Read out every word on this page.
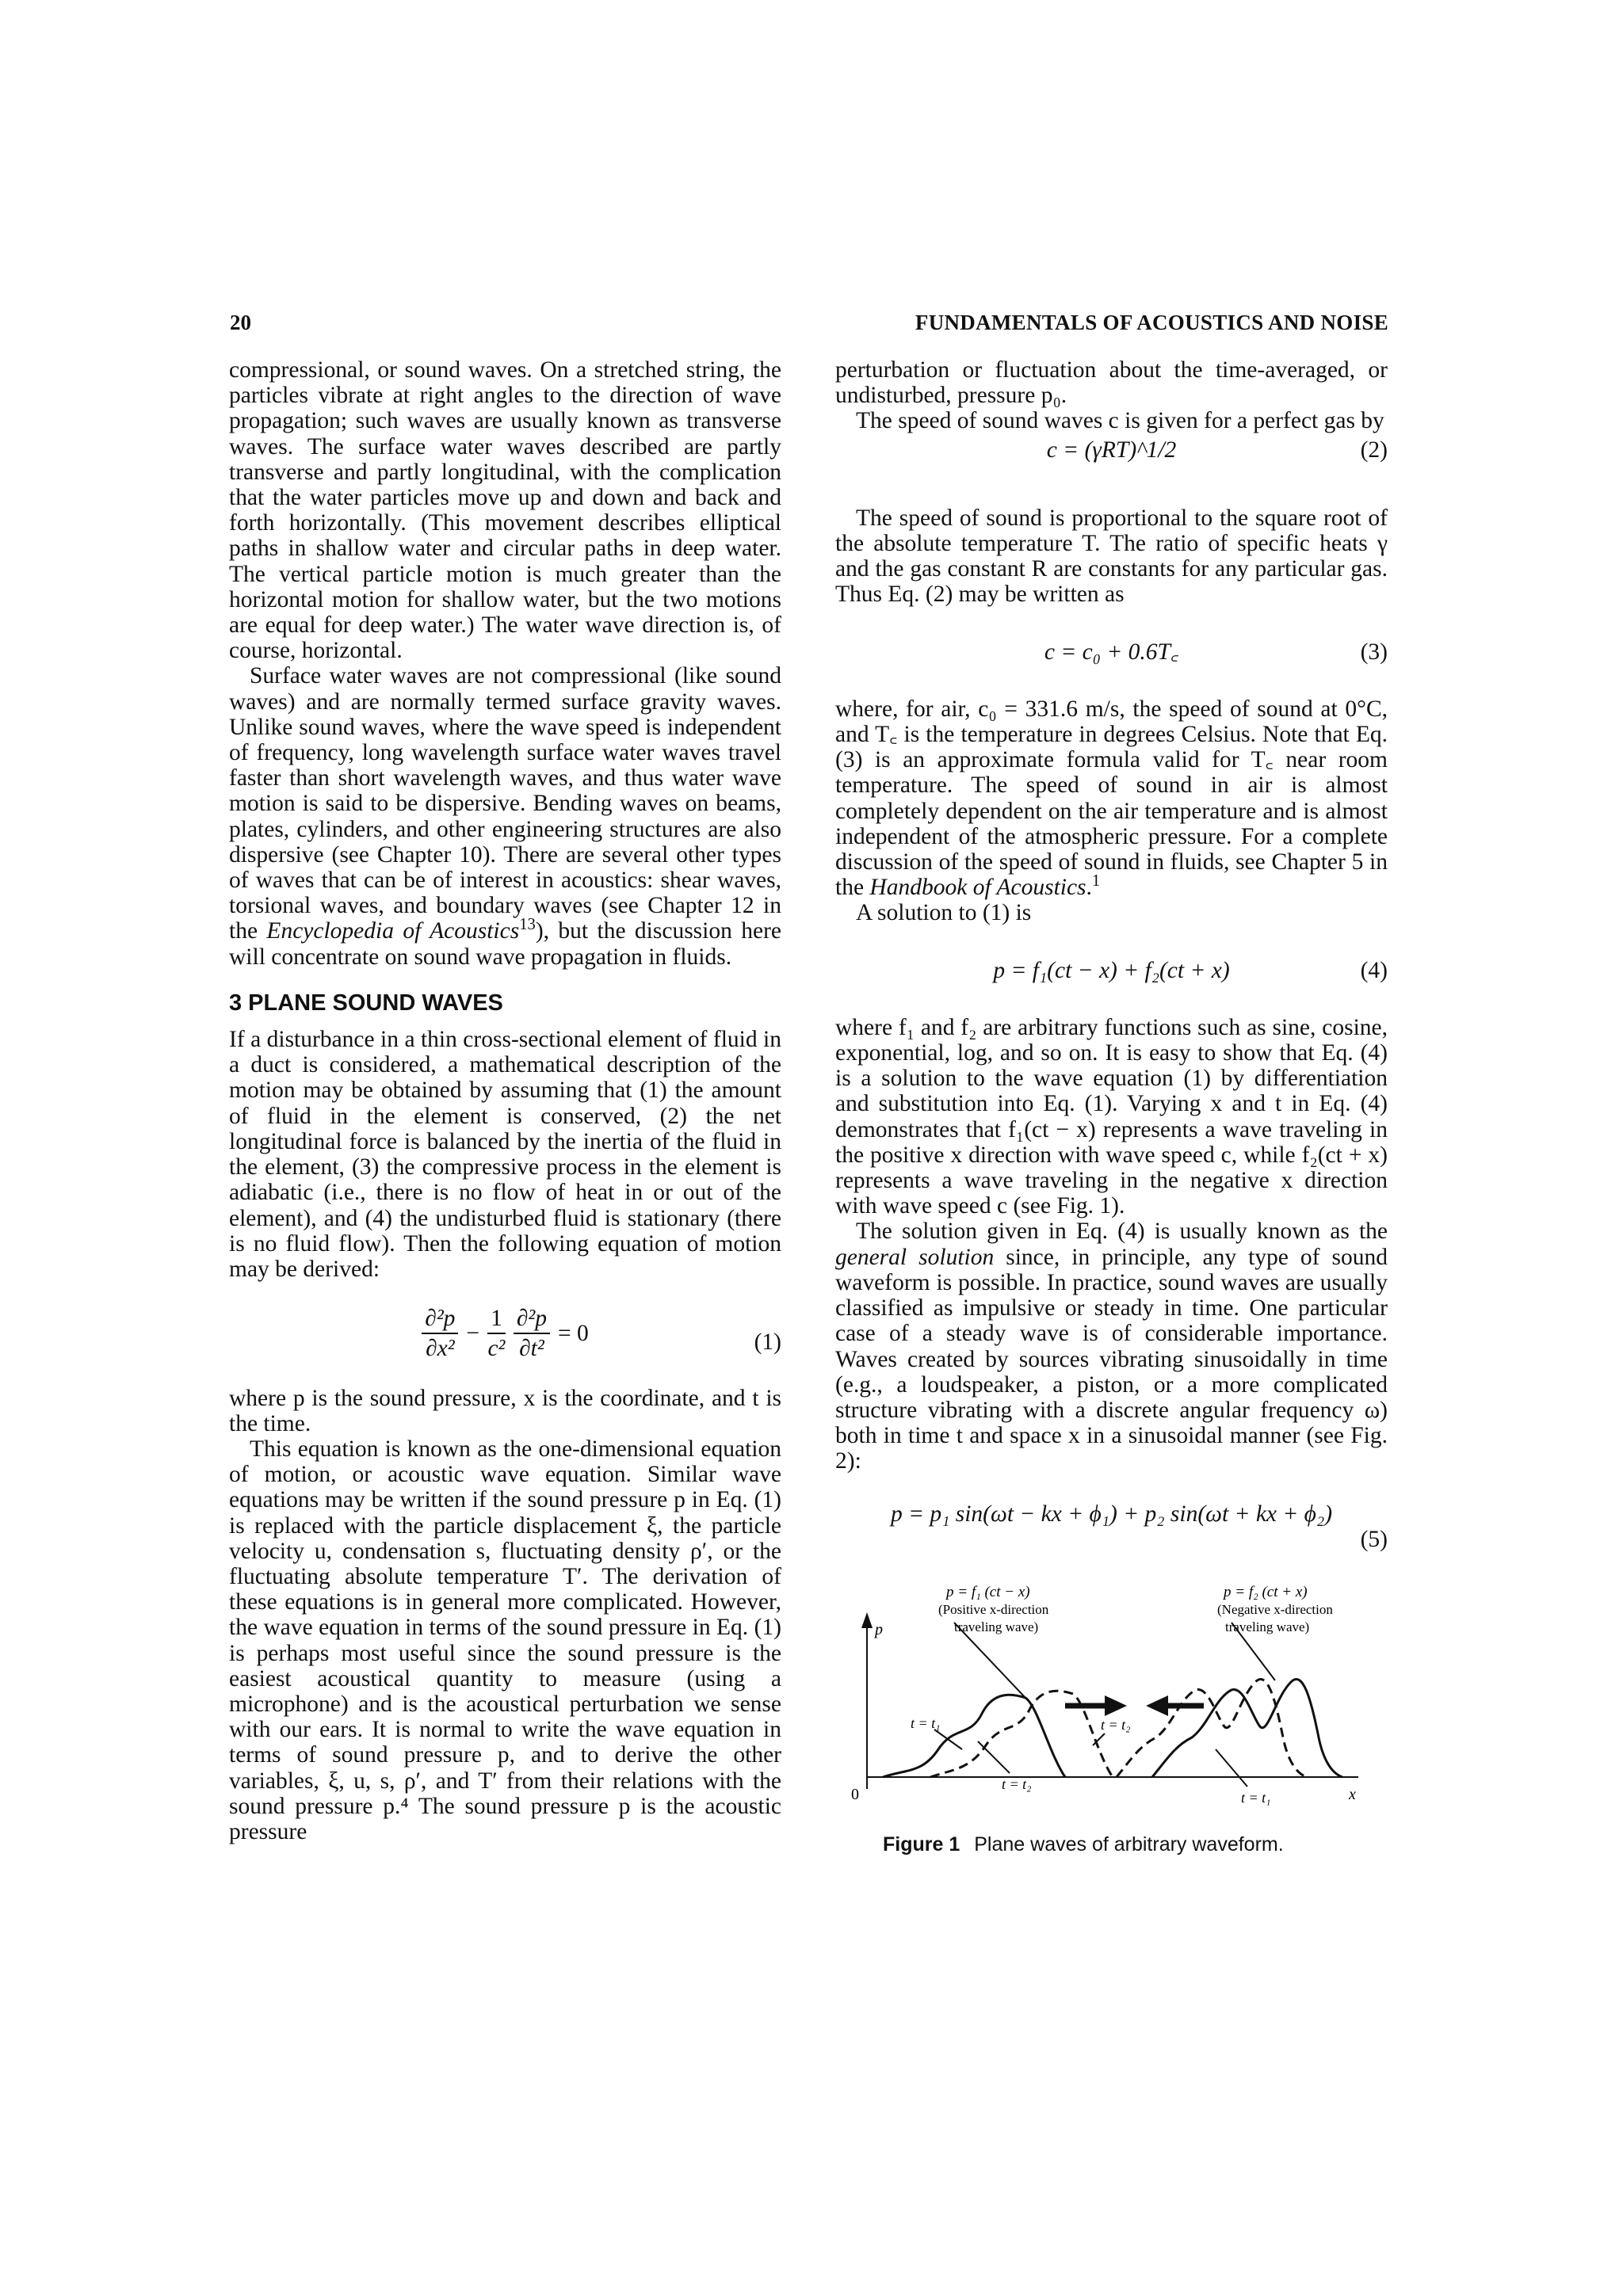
20	FUNDAMENTALS OF ACOUSTICS AND NOISE

compressional, or sound waves. On a stretched string, the particles vibrate at right angles to the direction of wave propagation; such waves are usually known as transverse waves. The surface water waves described are partly transverse and partly longitudinal, with the complication that the water particles move up and down and back and forth horizontally. (This movement describes elliptical paths in shallow water and circular paths in deep water. The vertical particle motion is much greater than the horizontal motion for shallow water, but the two motions are equal for deep water.) The water wave direction is, of course, horizontal.

Surface water waves are not compressional (like sound waves) and are normally termed surface gravity waves. Unlike sound waves, where the wave speed is independent of frequency, long wavelength surface water waves travel faster than short wavelength waves, and thus water wave motion is said to be dispersive. Bending waves on beams, plates, cylinders, and other engineering structures are also dispersive (see Chapter 10). There are several other types of waves that can be of interest in acoustics: shear waves, torsional waves, and boundary waves (see Chapter 12 in the Encyclopedia of Acoustics$^{13}$), but the discussion here will concentrate on sound wave propagation in fluids.

3 PLANE SOUND WAVES

If a disturbance in a thin cross-sectional element of fluid in a duct is considered, a mathematical description of the motion may be obtained by assuming that (1) the amount of fluid in the element is conserved, (2) the net longitudinal force is balanced by the inertia of the fluid in the element, (3) the compressive process in the element is adiabatic (i.e., there is no flow of heat in or out of the element), and (4) the undisturbed fluid is stationary (there is no fluid flow). Then the following equation of motion may be derived:

$\frac{\text{∂²p}}{\text{∂x²}} - \frac{1}{\text{c²}} \frac{\text{∂²p}}{\text{∂t²}} = 0$	(1)

where p is the sound pressure, x is the coordinate, and t is the time.

This equation is known as the one-dimensional equation of motion, or acoustic wave equation. Similar wave equations may be written if the sound pressure p in Eq. (1) is replaced with the particle displacement ξ, the particle velocity u, condensation s, fluctuating density ρ′, or the fluctuating absolute temperature T′. The derivation of these equations is in general more complicated. However, the wave equation in terms of the sound pressure in Eq. (1) is perhaps most useful since the sound pressure is the easiest acoustical quantity to measure (using a microphone) and is the acoustical perturbation we sense with our ears. It is normal to write the wave equation in terms of sound pressure p, and to derive the other variables, ξ, u, s, ρ′, and T′ from their relations with the sound pressure p.⁴ The sound pressure p is the acoustic pressure

perturbation or fluctuation about the time-averaged, or undisturbed, pressure p₀.

The speed of sound waves c is given for a perfect gas by

c = (γRT)^1/2	(2)

The speed of sound is proportional to the square root of the absolute temperature T. The ratio of specific heats γ and the gas constant R are constants for any particular gas. Thus Eq. (2) may be written as

c = c₀ + 0.6T꜀	(3)

where, for air, c₀ = 331.6 m/s, the speed of sound at 0°C, and T꜀ is the temperature in degrees Celsius. Note that Eq. (3) is an approximate formula valid for T꜀ near room temperature. The speed of sound in air is almost completely dependent on the air temperature and is almost independent of the atmospheric pressure. For a complete discussion of the speed of sound in fluids, see Chapter 5 in the Handbook of Acoustics.$^1$

A solution to (1) is

p = f₁(ct − x) + f₂(ct + x)	(4)

where f₁ and f₂ are arbitrary functions such as sine, cosine, exponential, log, and so on. It is easy to show that Eq. (4) is a solution to the wave equation (1) by differentiation and substitution into Eq. (1). Varying x and t in Eq. (4) demonstrates that f₁(ct − x) represents a wave traveling in the positive x direction with wave speed c, while f₂(ct + x) represents a wave traveling in the negative x direction with wave speed c (see Fig. 1).

The solution given in Eq. (4) is usually known as the general solution since, in principle, any type of sound waveform is possible. In practice, sound waves are usually classified as impulsive or steady in time. One particular case of a steady wave is of considerable importance. Waves created by sources vibrating sinusoidally in time (e.g., a loudspeaker, a piston, or a more complicated structure vibrating with a discrete angular frequency ω) both in time t and space x in a sinusoidal manner (see Fig. 2):

p = p₁ sin(ωt − kx + ϕ₁) + p₂ sin(ωt + kx + ϕ₂)
(5)
p
0	x
p = f₁ (ct − x)
(Positive x-direction
traveling wave)
p = f₂ (ct + x)
(Negative x-direction
traveling wave)
t = t₁
t = t₂
t = t₂
t = t₁
Figure 1 Plane waves of arbitrary waveform.
